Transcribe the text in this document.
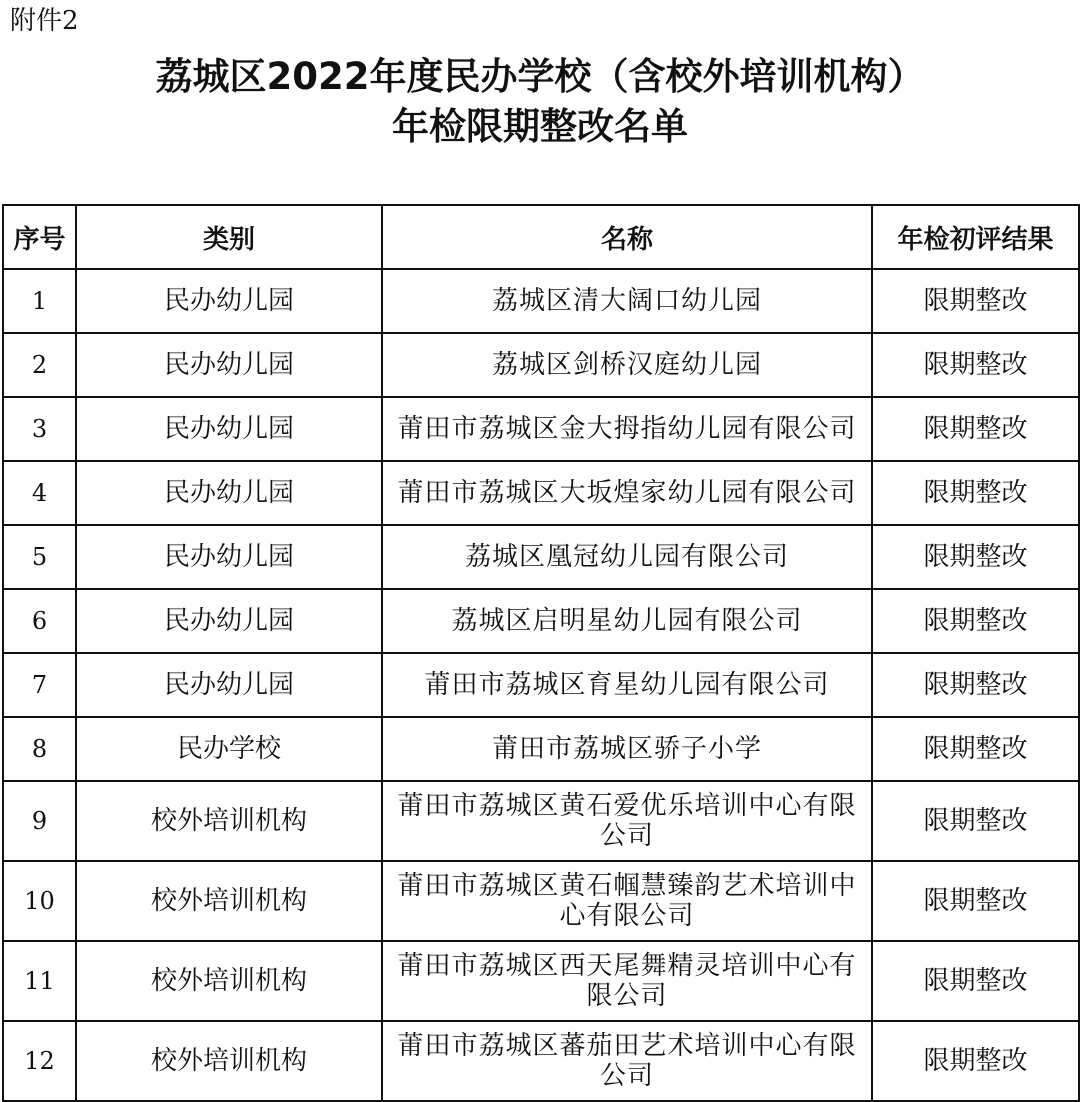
附件2
荔城区2022年度民办学校（含校外培训机构）
年检限期整改名单
序号	类别	名称	年检初评结果
1	民办幼儿园	荔城区清大阔口幼儿园	限期整改
2	民办幼儿园	荔城区剑桥汉庭幼儿园	限期整改
3	民办幼儿园	莆田市荔城区金大拇指幼儿园有限公司	限期整改
4	民办幼儿园	莆田市荔城区大坂煌家幼儿园有限公司	限期整改
5	民办幼儿园	荔城区凰冠幼儿园有限公司	限期整改
6	民办幼儿园	荔城区启明星幼儿园有限公司	限期整改
7	民办幼儿园	莆田市荔城区育星幼儿园有限公司	限期整改
8	民办学校	莆田市荔城区骄子小学	限期整改
9	校外培训机构	莆田市荔城区黄石爱优乐培训中心有限公司	限期整改
10	校外培训机构	莆田市荔城区黄石帼慧臻韵艺术培训中心有限公司	限期整改
11	校外培训机构	莆田市荔城区西天尾舞精灵培训中心有限公司	限期整改
12	校外培训机构	莆田市荔城区蕃茄田艺术培训中心有限公司	限期整改
